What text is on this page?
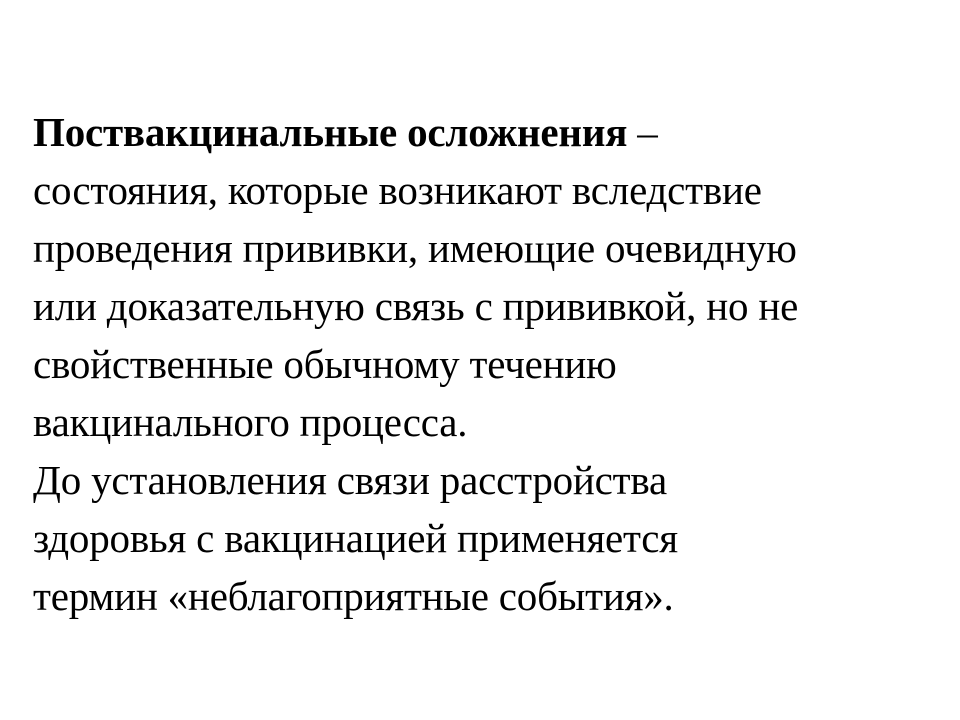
Поствакцинальные осложнения –
состояния, которые возникают вследствие
проведения прививки, имеющие очевидную
или доказательную связь с прививкой, но не
свойственные обычному течению
вакцинального процесса.
До установления связи расстройства
здоровья с вакцинацией применяется
термин «неблагоприятные события».
